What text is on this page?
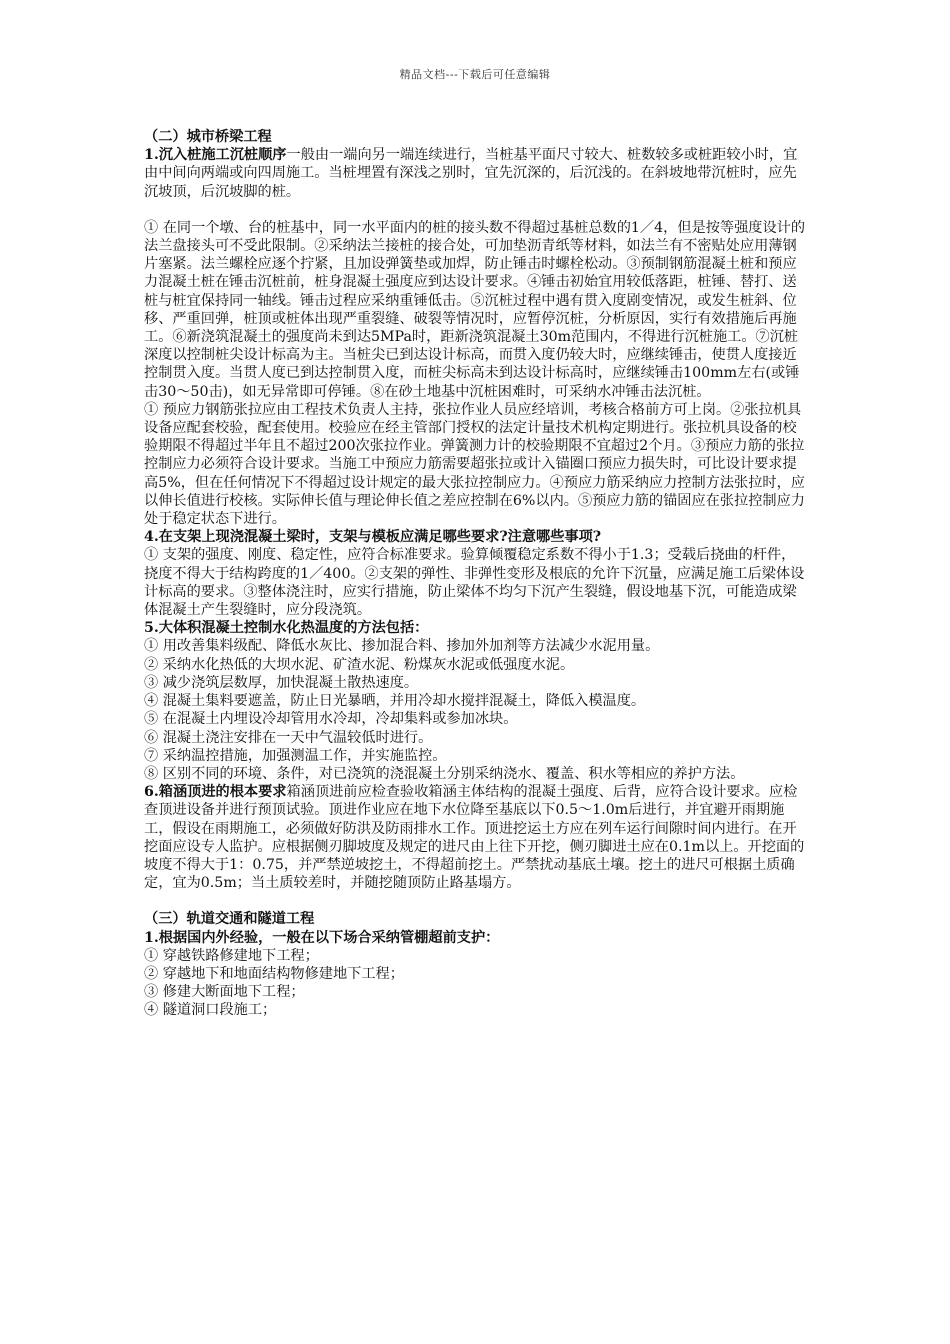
精品文档---下载后可任意编辑

（二）城市桥梁工程

1.沉入桩施工沉桩顺序一般由一端向另一端连续进行，当桩基平面尺寸较大、桩数较多或桩距较小时，宜由中间向两端或向四周施工。当桩埋置有深浅之别时，宜先沉深的，后沉浅的。在斜坡地带沉桩时，应先沉坡顶，后沉坡脚的桩。

① 在同一个墩、台的桩基中，同一水平面内的桩的接头数不得超过基桩总数的1／4，但是按等强度设计的法兰盘接头可不受此限制。②采纳法兰接桩的接合处，可加垫沥青纸等材料，如法兰有不密贴处应用薄钢片塞紧。法兰螺栓应逐个拧紧，且加设弹簧垫或加焊，防止锤击时螺栓松动。③预制钢筋混凝土桩和预应力混凝土桩在锤击沉桩前，桩身混凝土强度应到达设计要求。④锤击初始宜用较低落距，桩锤、替打、送桩与桩宜保持同一轴线。锤击过程应采纳重锤低击。⑤沉桩过程中遇有贯入度剧变情况，或发生桩斜、位移、严重回弹，桩顶或桩体出现严重裂缝、破裂等情况时，应暂停沉桩，分析原因，实行有效措施后再施工。⑥新浇筑混凝土的强度尚未到达5MPa时，距新浇筑混凝土30m范围内，不得进行沉桩施工。⑦沉桩深度以控制桩尖设计标高为主。当桩尖已到达设计标高，而贯入度仍较大时，应继续锤击，使贯人度接近控制贯入度。当贯人度已到达控制贯入度，而桩尖标高未到达设计标高时，应继续锤击100mm左右(或锤击30～50击)，如无异常即可停锤。⑧在砂土地基中沉桩困难时，可采纳水冲锤击法沉桩。

① 预应力钢筋张拉应由工程技术负责人主持，张拉作业人员应经培训，考核合格前方可上岗。②张拉机具设备应配套校验，配套使用。校验应在经主管部门授权的法定计量技术机构定期进行。张拉机具设备的校验期限不得超过半年且不超过200次张拉作业。弹簧测力计的校验期限不宜超过2个月。③预应力筋的张拉控制应力必须符合设计要求。当施工中预应力筋需要超张拉或计入锚圈口预应力损失时，可比设计要求提高5%，但在任何情况下不得超过设计规定的最大张拉控制应力。④预应力筋采纳应力控制方法张拉时，应以伸长值进行校核。实际伸长值与理论伸长值之差应控制在6%以内。⑤预应力筋的锚固应在张拉控制应力处于稳定状态下进行。

4.在支架上现浇混凝土梁时，支架与模板应满足哪些要求?注意哪些事项?

① 支架的强度、刚度、稳定性，应符合标准要求。验算倾覆稳定系数不得小于1.3；受载后挠曲的杆件，挠度不得大于结构跨度的1／400。②支架的弹性、非弹性变形及根底的允许下沉量，应满足施工后梁体设计标高的要求。③整体浇注时，应实行措施，防止梁体不均匀下沉产生裂缝，假设地基下沉，可能造成梁体混凝土产生裂缝时，应分段浇筑。

5.大体积混凝土控制水化热温度的方法包括：

① 用改善集料级配、降低水灰比、掺加混合料、掺加外加剂等方法减少水泥用量。

② 采纳水化热低的大坝水泥、矿渣水泥、粉煤灰水泥或低强度水泥。

③ 减少浇筑层数厚，加快混凝土散热速度。

④ 混凝土集料要遮盖，防止日光暴晒，并用冷却水搅拌混凝土，降低入模温度。

⑤ 在混凝土内埋设冷却管用水冷却，冷却集料或参加冰块。

⑥ 混凝土浇注安排在一天中气温较低时进行。

⑦ 采纳温控措施，加强测温工作，并实施监控。

⑧ 区别不同的环境、条件，对已浇筑的浇混凝土分别采纳浇水、覆盖、积水等相应的养护方法。

6.箱涵顶进的根本要求箱涵顶进前应检查验收箱涵主体结构的混凝土强度、后背，应符合设计要求。应检查顶进设备并进行预顶试验。顶进作业应在地下水位降至基底以下0.5～1.0m后进行，并宜避开雨期施工，假设在雨期施工，必须做好防洪及防雨排水工作。顶进挖运土方应在列车运行间隙时间内进行。在开挖面应设专人监护。应根据侧刃脚坡度及规定的进尺由上往下开挖，侧刃脚进土应在0.1m以上。开挖面的坡度不得大于1：0.75，并严禁逆坡挖土，不得超前挖土。严禁扰动基底土壤。挖土的进尺可根据土质确定，宜为0.5m；当土质较差时，并随挖随顶防止路基塌方。

（三）轨道交通和隧道工程

1.根据国内外经验，一般在以下场合采纳管棚超前支护：

① 穿越铁路修建地下工程；

② 穿越地下和地面结构物修建地下工程；

③ 修建大断面地下工程；

④ 隧道洞口段施工；
